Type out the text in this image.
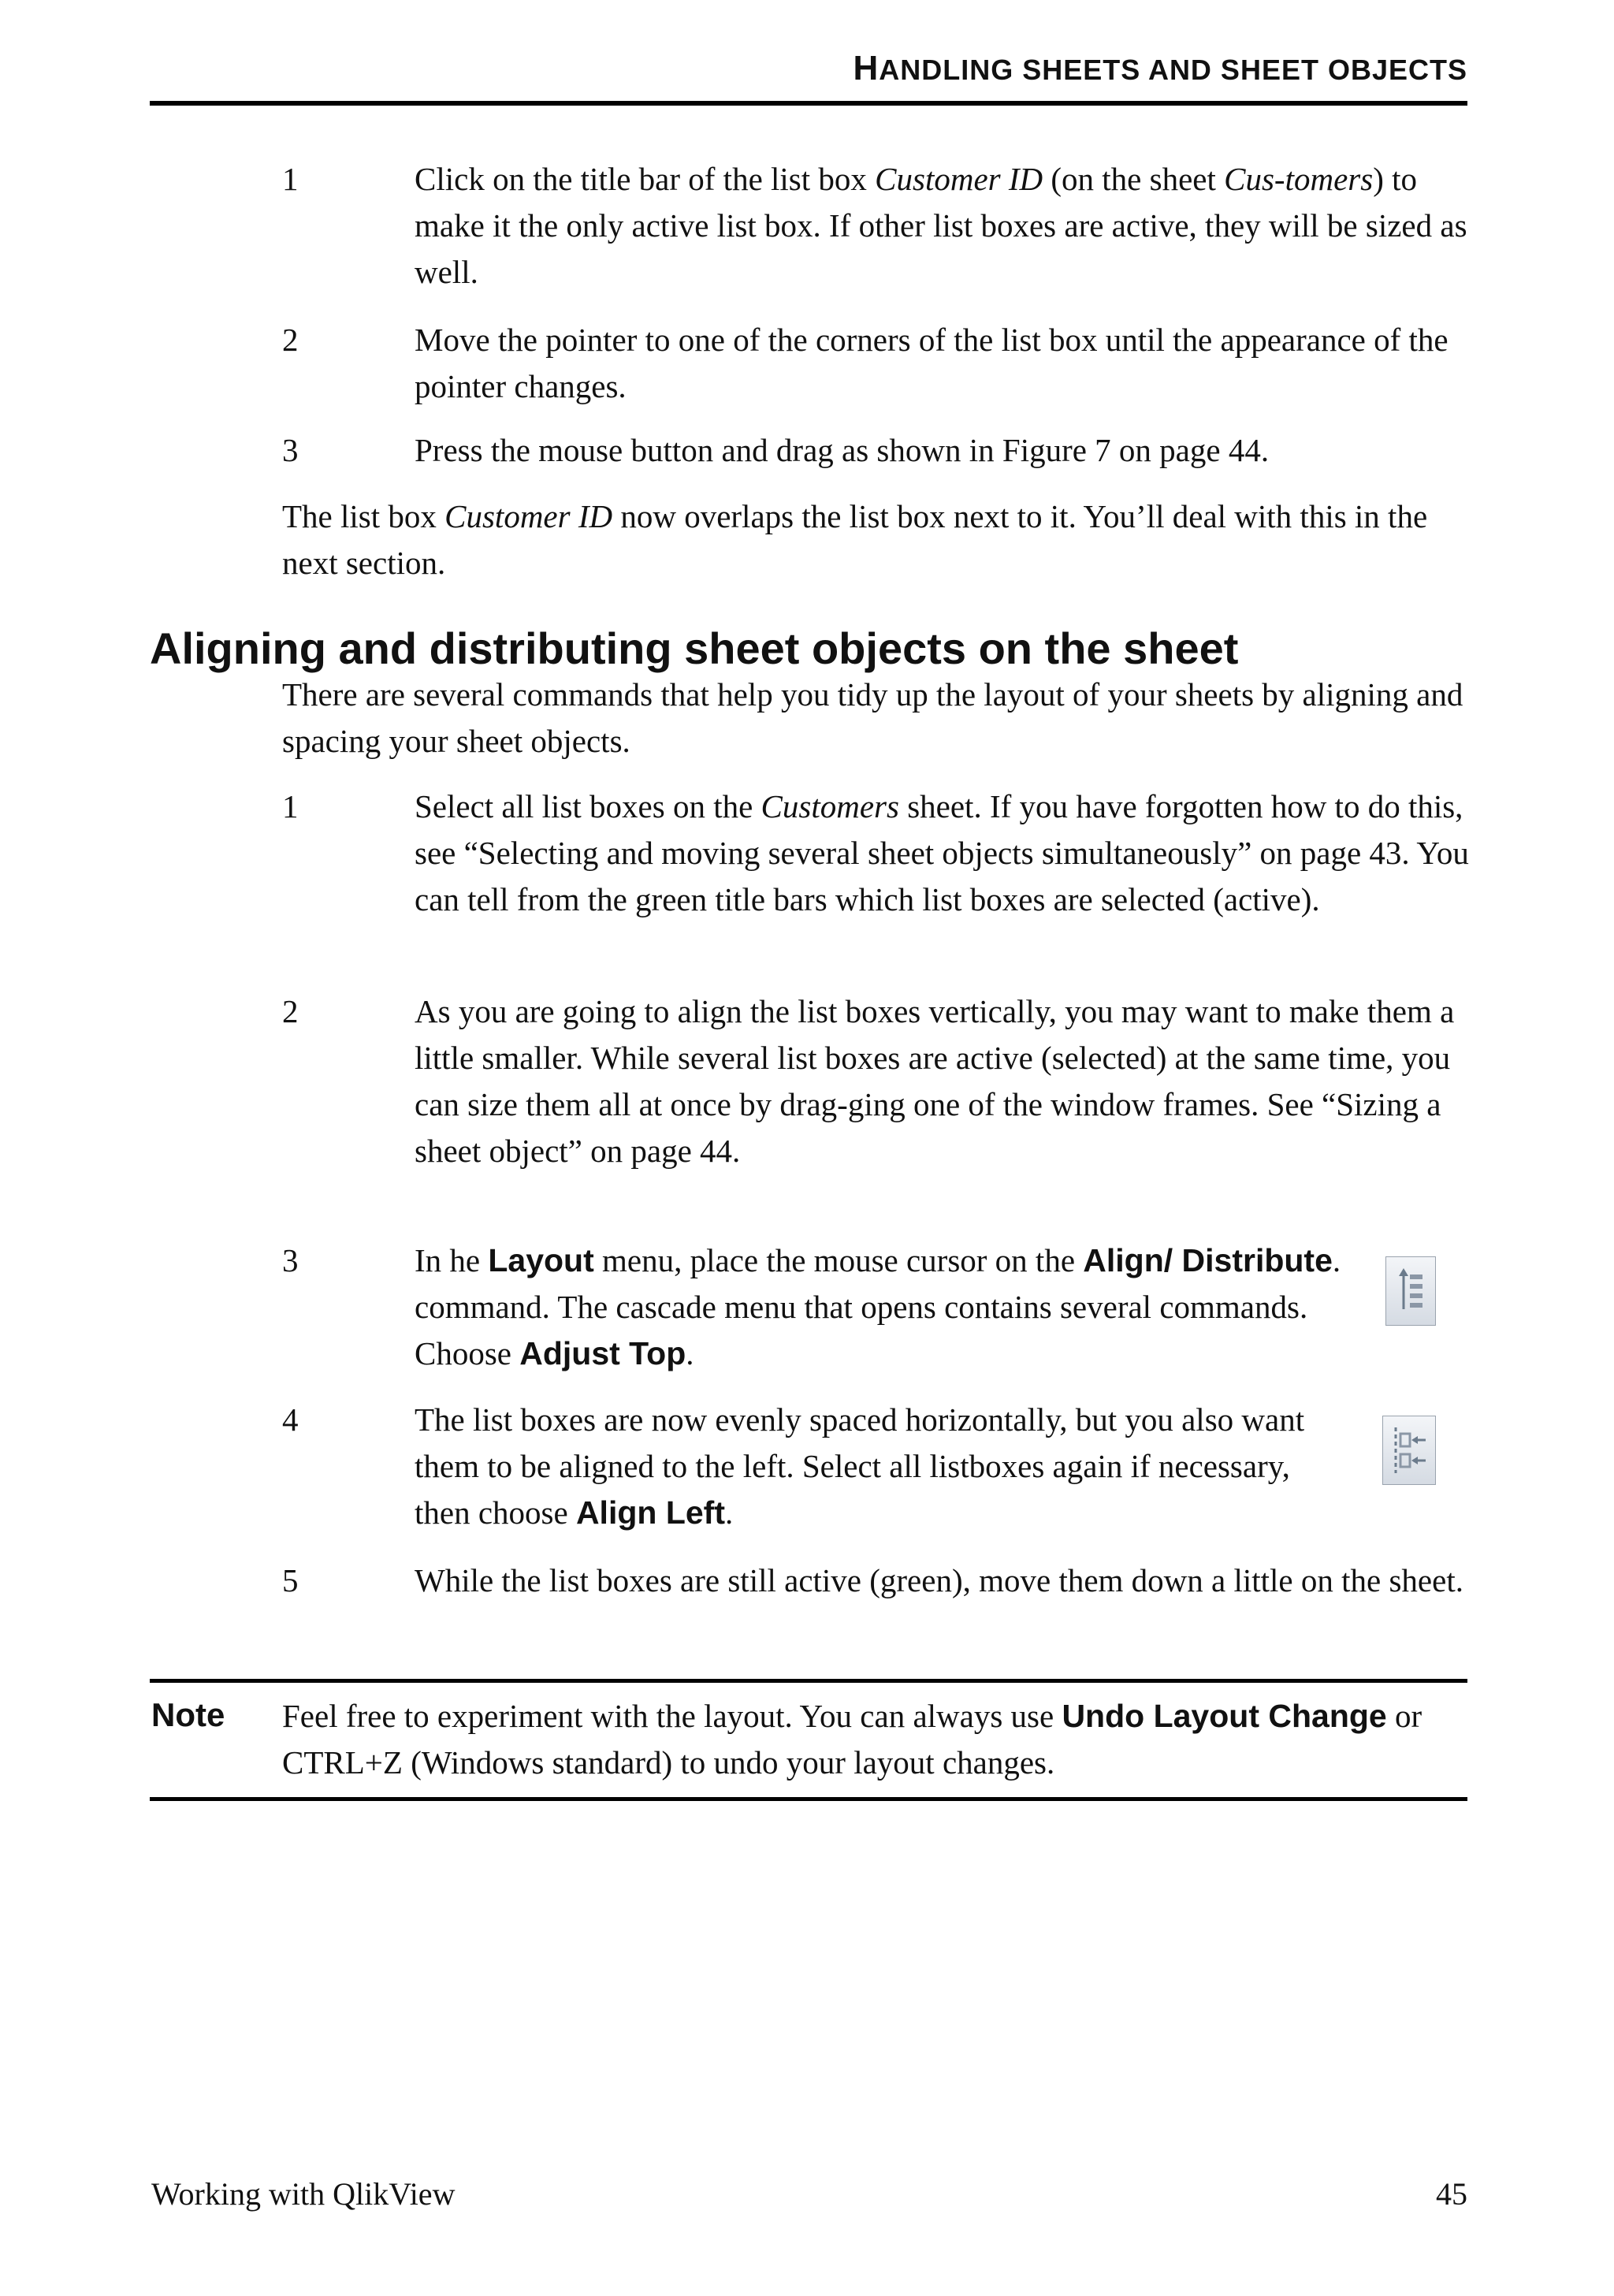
HANDLING SHEETS AND SHEET OBJECTS
1	Click on the title bar of the list box Customer ID (on the sheet Cus-tomers) to make it the only active list box. If other list boxes are active, they will be sized as well.
2	Move the pointer to one of the corners of the list box until the appearance of the pointer changes.
3	Press the mouse button and drag as shown in Figure 7 on page 44.
The list box Customer ID now overlaps the list box next to it. You’ll deal with this in the next section.
Aligning and distributing sheet objects on the sheet
There are several commands that help you tidy up the layout of your sheets by aligning and spacing your sheet objects.
1	Select all list boxes on the Customers sheet. If you have forgotten how to do this, see “Selecting and moving several sheet objects simultaneously” on page 43. You can tell from the green title bars which list boxes are selected (active).
2	As you are going to align the list boxes vertically, you may want to make them a little smaller. While several list boxes are active (selected) at the same time, you can size them all at once by drag-ging one of the window frames. See “Sizing a sheet object” on page 44.
3	In he Layout menu, place the mouse cursor on the Align/ Distribute. command. The cascade menu that opens contains several commands. Choose Adjust Top.
4	The list boxes are now evenly spaced horizontally, but you also want them to be aligned to the left. Select all listboxes again if necessary, then choose Align Left.
5	While the list boxes are still active (green), move them down a little on the sheet.
Note Feel free to experiment with the layout. You can always use Undo Layout Change or CTRL+Z (Windows standard) to undo your layout changes.
Working with QlikView	45
